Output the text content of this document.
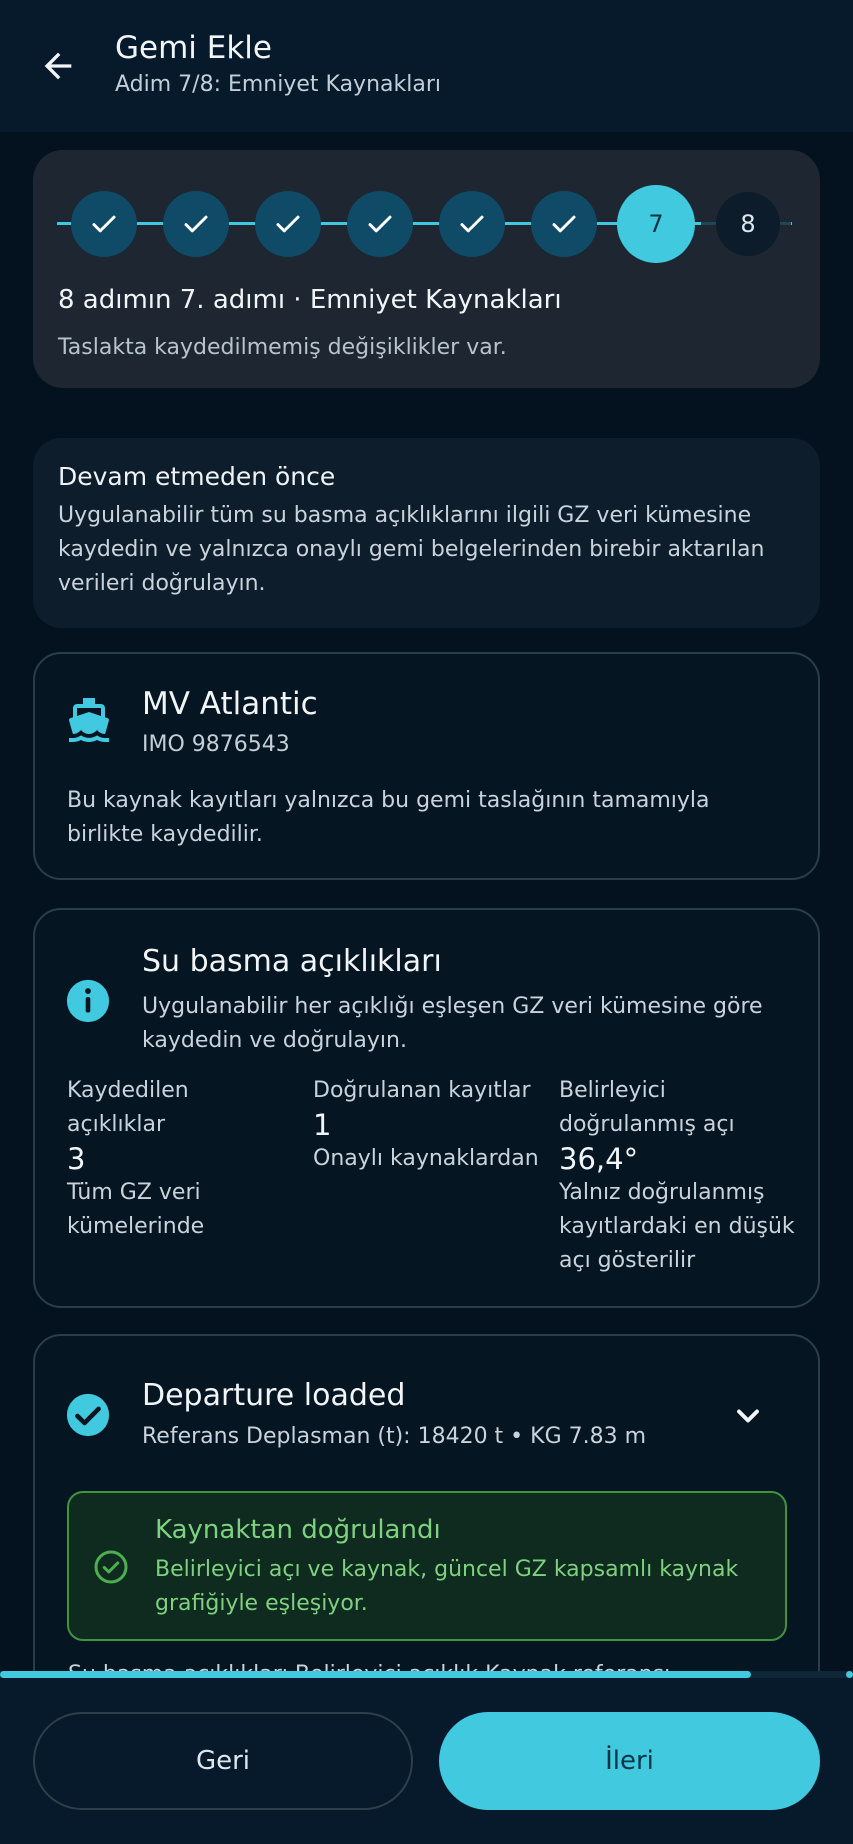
Gemi Ekle
Adim 7/8: Emniyet Kaynakları
7	8
8 adımın 7. adımı · Emniyet Kaynakları
Taslakta kaydedilmemiş değişiklikler var.
Devam etmeden önce

Uygulanabilir tüm su basma açıklıklarını ilgili GZ veri kümesine kaydedin ve yalnızca onaylı gemi belgelerinden birebir aktarılan verileri doğrulayın.

MV Atlantic
IMO 9876543
Bu kaynak kayıtları yalnızca bu gemi taslağının tamamıyla birlikte kaydedilir.
Su basma açıklıkları
Uygulanabilir her açıklığı eşleşen GZ veri kümesine göre kaydedin ve doğrulayın.
Kaydedilen açıklıklar
3
Tüm GZ veri kümelerinde
Doğrulanan kayıtlar
1
Onaylı kaynaklardan
Belirleyici doğrulanmış açı
36,4°
Yalnız doğrulanmış kayıtlardaki en düşük açı gösterilir
Departure loaded
Referans Deplasman (t): 18420 t • KG 7.83 m
Kaynaktan doğrulandı
Belirleyici açı ve kaynak, güncel GZ kapsamlı kaynak grafiğiyle eşleşiyor.
Geri	İleri
